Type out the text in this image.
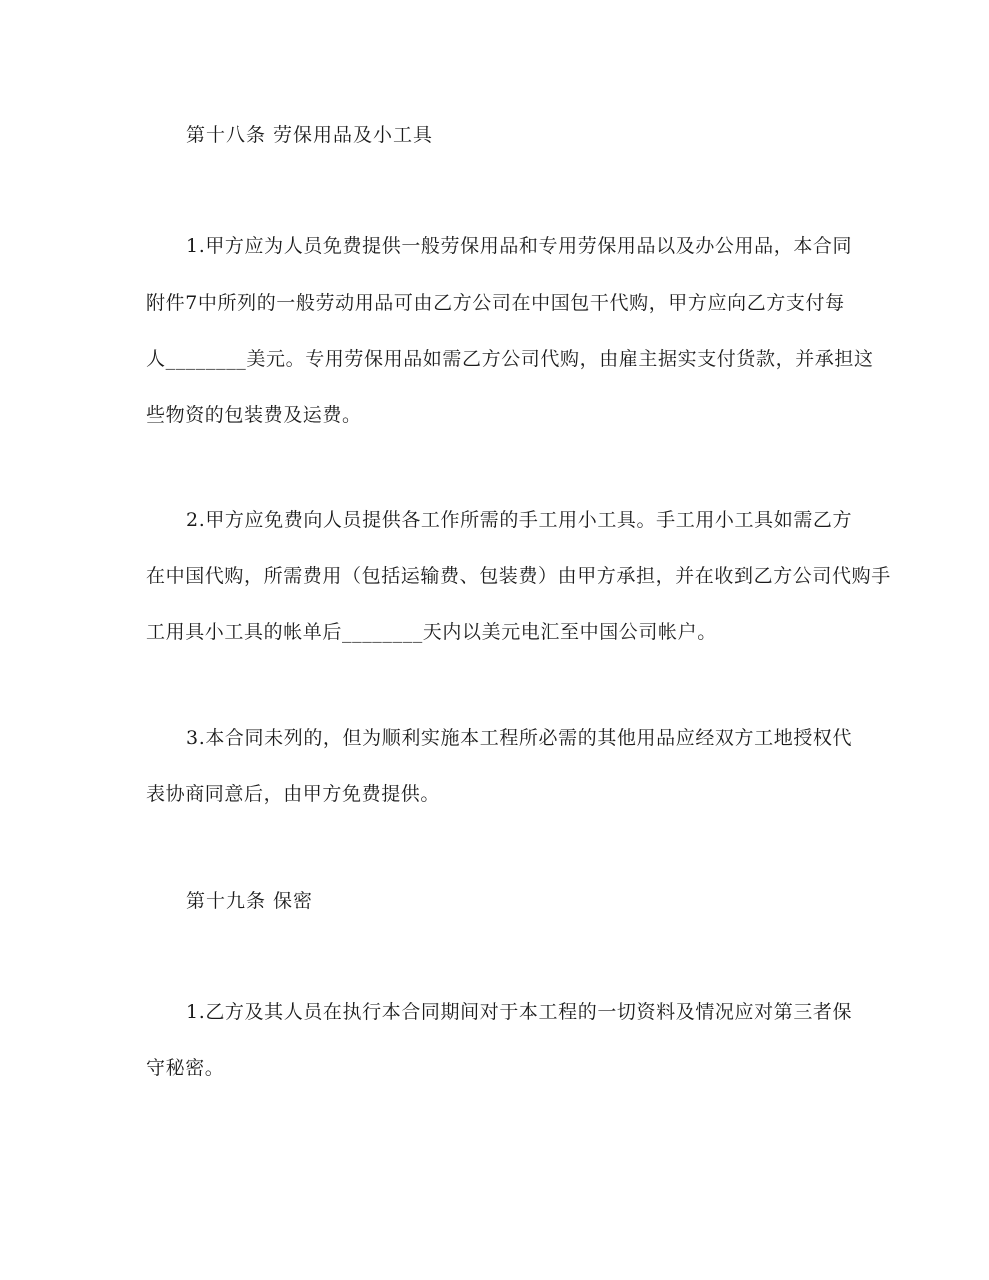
第十八条 劳保用品及小工具
1.甲方应为人员免费提供一般劳保用品和专用劳保用品以及办公用品，本合同
附件7中所列的一般劳动用品可由乙方公司在中国包干代购，甲方应向乙方支付每
人________美元。专用劳保用品如需乙方公司代购，由雇主据实支付货款，并承担这
些物资的包装费及运费。
2.甲方应免费向人员提供各工作所需的手工用小工具。手工用小工具如需乙方
在中国代购，所需费用（包括运输费、包装费）由甲方承担，并在收到乙方公司代购手
工用具小工具的帐单后________天内以美元电汇至中国公司帐户。
3.本合同未列的，但为顺利实施本工程所必需的其他用品应经双方工地授权代
表协商同意后，由甲方免费提供。
第十九条 保密
1.乙方及其人员在执行本合同期间对于本工程的一切资料及情况应对第三者保
守秘密。
